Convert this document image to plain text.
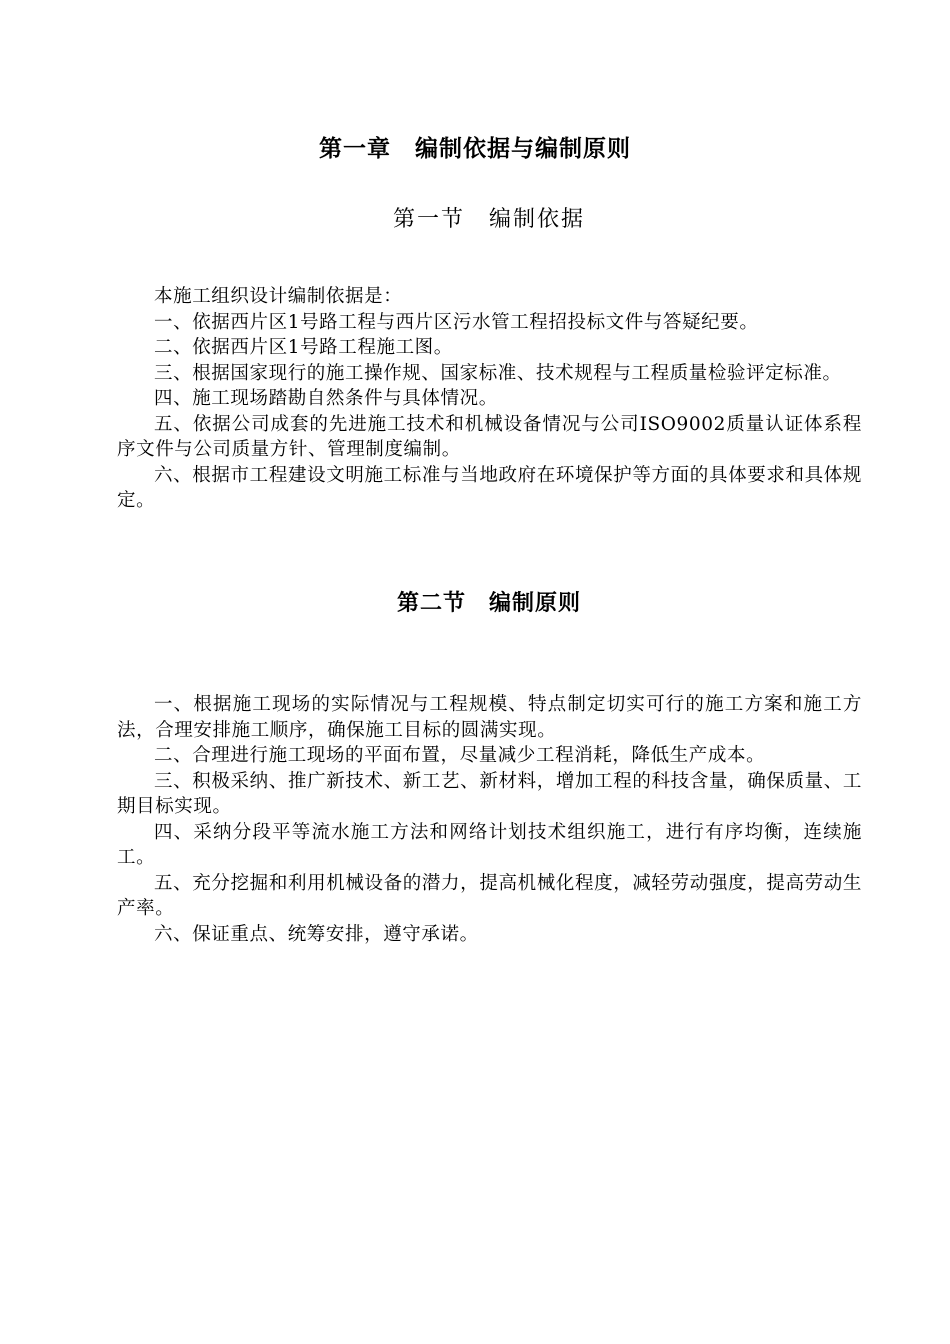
第一章　编制依据与编制原则
第一节　编制依据

本施工组织设计编制依据是：

一、依据西片区1号路工程与西片区污水管工程招投标文件与答疑纪要。

二、依据西片区1号路工程施工图。

三、根据国家现行的施工操作规、国家标准、技术规程与工程质量检验评定标准。

四、施工现场踏勘自然条件与具体情况。

五、依据公司成套的先进施工技术和机械设备情况与公司ISO9002质量认证体系程序文件与公司质量方针、管理制度编制。

六、根据市工程建设文明施工标准与当地政府在环境保护等方面的具体要求和具体规定。

第二节　编制原则

一、根据施工现场的实际情况与工程规模、特点制定切实可行的施工方案和施工方法，合理安排施工顺序，确保施工目标的圆满实现。

二、合理进行施工现场的平面布置，尽量减少工程消耗，降低生产成本。

三、积极采纳、推广新技术、新工艺、新材料，增加工程的科技含量，确保质量、工期目标实现。

四、采纳分段平等流水施工方法和网络计划技术组织施工，进行有序均衡，连续施工。

五、充分挖掘和利用机械设备的潜力，提高机械化程度，减轻劳动强度，提高劳动生产率。

六、保证重点、统筹安排，遵守承诺。
